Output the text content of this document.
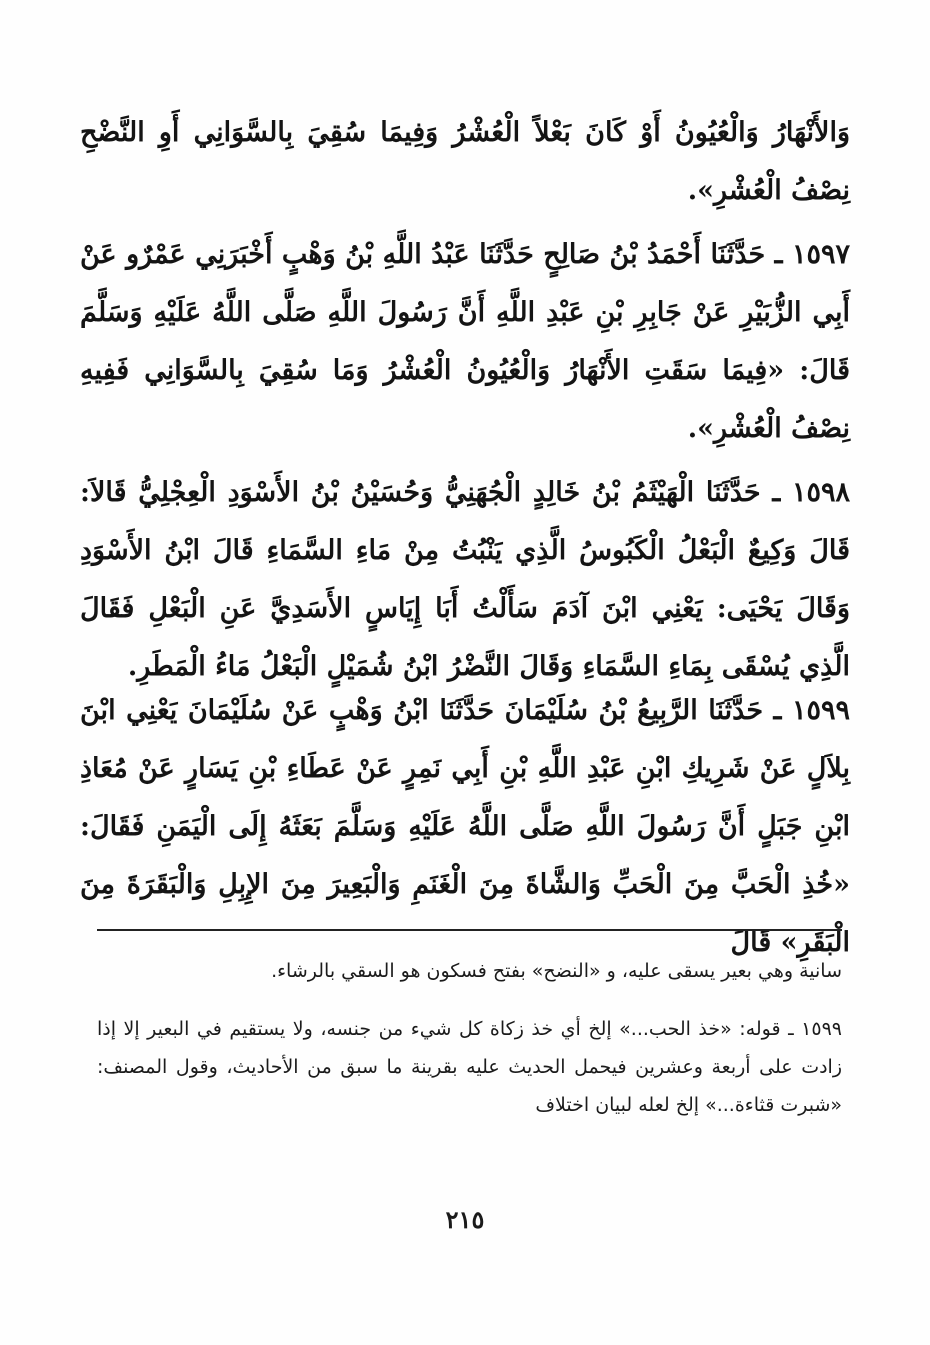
وَالأَنْهَارُ وَالْعُيُونُ أَوْ كَانَ بَعْلاً الْعُشْرُ وَفِيمَا سُقِيَ بِالسَّوَانِي أَوِ النَّضْحِ نِصْفُ الْعُشْرِ».

١٥٩٧ ـ حَدَّثَنَا أَحْمَدُ بْنُ صَالِحٍ حَدَّثَنَا عَبْدُ اللَّهِ بْنُ وَهْبٍ أَخْبَرَنِي عَمْرٌو عَنْ أَبِي الزُّبَيْرِ عَنْ جَابِرِ بْنِ عَبْدِ اللَّهِ أَنَّ رَسُولَ اللَّهِ صَلَّى اللَّهُ عَلَيْهِ وَسَلَّمَ قَالَ: «فِيمَا سَقَتِ الأَنْهَارُ وَالْعُيُونُ الْعُشْرُ وَمَا سُقِيَ بِالسَّوَانِي فَفِيهِ نِصْفُ الْعُشْرِ».

١٥٩٨ ـ حَدَّثَنَا الْهَيْثَمُ بْنُ خَالِدٍ الْجُهَنِيُّ وَحُسَيْنُ بْنُ الأَسْوَدِ الْعِجْلِيُّ قَالاَ: قَالَ وَكِيعٌ الْبَعْلُ الْكَبُوسُ الَّذِي يَنْبُتُ مِنْ مَاءِ السَّمَاءِ قَالَ ابْنُ الأَسْوَدِ وَقَالَ يَحْيَى: يَعْنِي ابْنَ آدَمَ سَأَلْتُ أَبَا إِيَاسٍ الأَسَدِيَّ عَنِ الْبَعْلِ فَقَالَ الَّذِي يُسْقَى بِمَاءِ السَّمَاءِ وَقَالَ النَّضْرُ ابْنُ شُمَيْلٍ الْبَعْلُ مَاءُ الْمَطَرِ.

١٥٩٩ ـ حَدَّثَنَا الرَّبِيعُ بْنُ سُلَيْمَانَ حَدَّثَنَا ابْنُ وَهْبٍ عَنْ سُلَيْمَانَ يَعْنِي ابْنَ بِلاَلٍ عَنْ شَرِيكِ ابْنِ عَبْدِ اللَّهِ بْنِ أَبِي نَمِرٍ عَنْ عَطَاءِ بْنِ يَسَارٍ عَنْ مُعَاذِ ابْنِ جَبَلٍ أَنَّ رَسُولَ اللَّهِ صَلَّى اللَّهُ عَلَيْهِ وَسَلَّمَ بَعَثَهُ إِلَى الْيَمَنِ فَقَالَ: «خُذِ الْحَبَّ مِنَ الْحَبِّ وَالشَّاةَ مِنَ الْغَنَمِ وَالْبَعِيرَ مِنَ الإِبِلِ وَالْبَقَرَةَ مِنَ الْبَقَرِ» قَالَ

سانية وهي بعير يسقى عليه، و «النضح» بفتح فسكون هو السقي بالرشاء.

١٥٩٩ ـ قوله: «خذ الحب...» إلخ أي خذ زكاة كل شيء من جنسه، ولا يستقيم في البعير إلا إذا زادت على أربعة وعشرين فيحمل الحديث عليه بقرينة ما سبق من الأحاديث، وقول المصنف: «شبرت قثاءة...» إلخ لعله لبيان اختلاف

٢١٥
